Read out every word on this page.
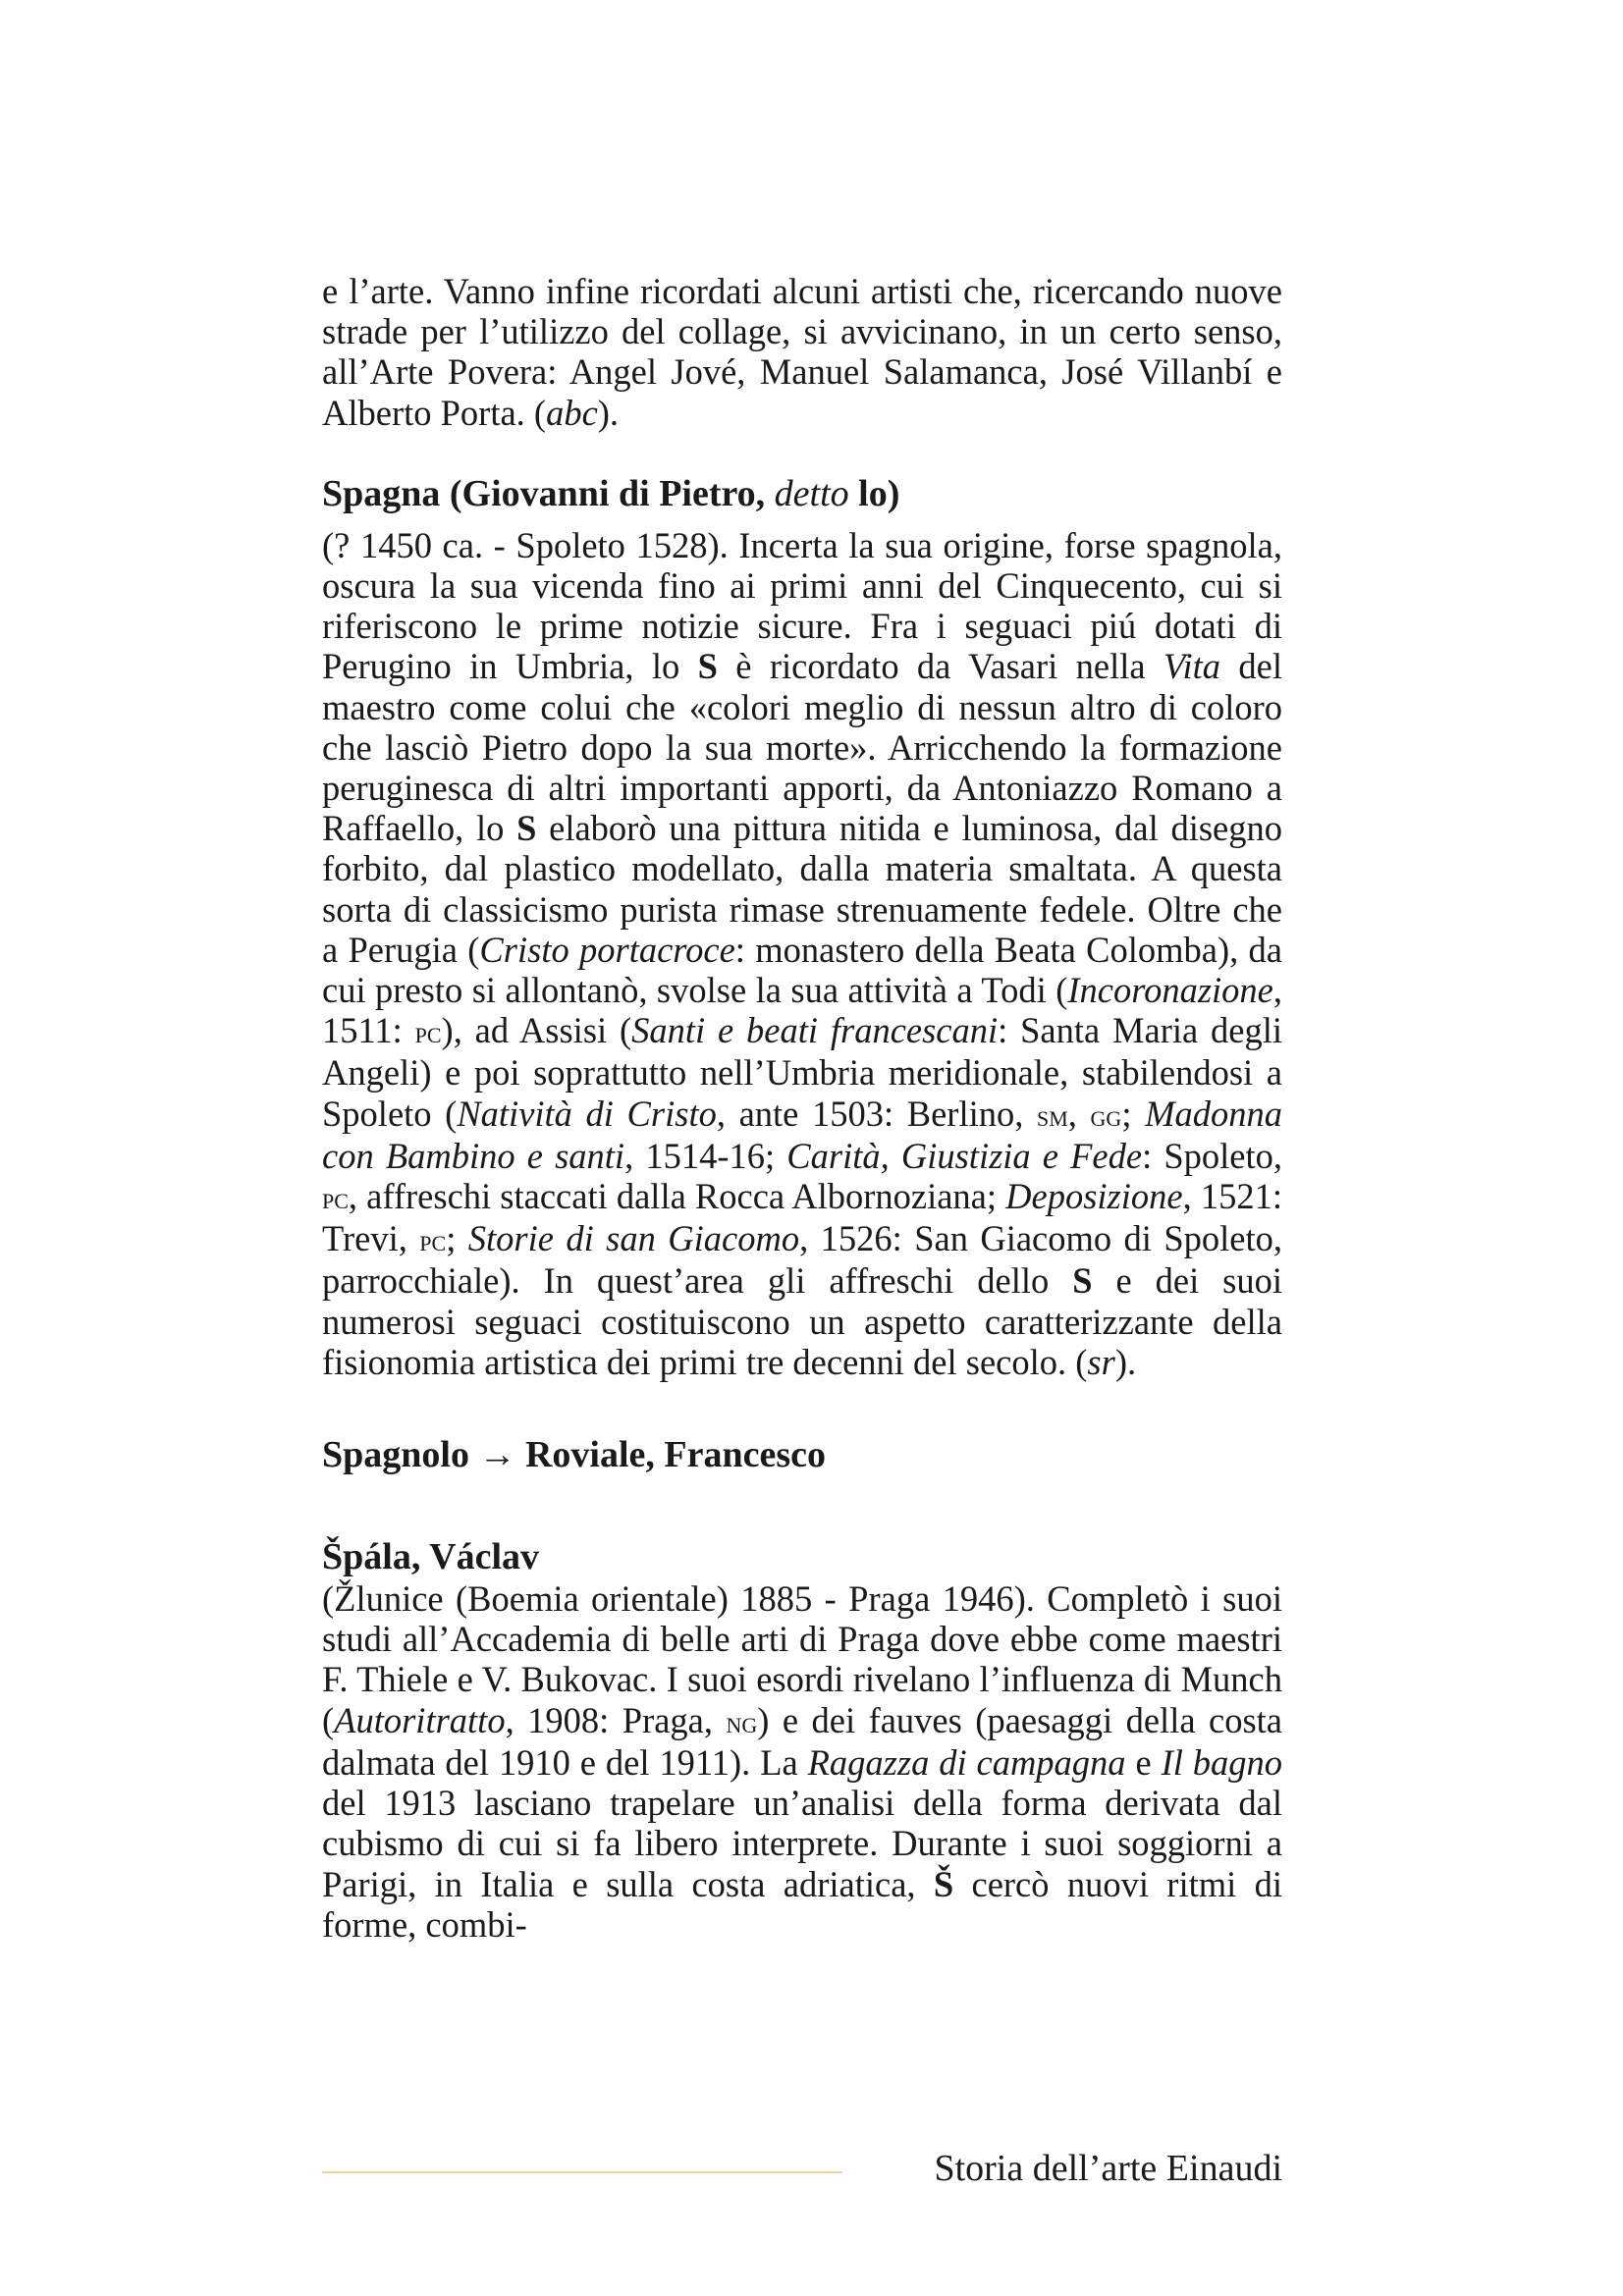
e l’arte. Vanno infine ricordati alcuni artisti che, ricercando nuove strade per l’utilizzo del collage, si avvicinano, in un certo senso, all’Arte Povera: Angel Jové, Manuel Salamanca, José Villanbí e Alberto Porta. (abc).

Spagna (Giovanni di Pietro, detto lo)

(? 1450 ca. - Spoleto 1528). Incerta la sua origine, forse spagnola, oscura la sua vicenda fino ai primi anni del Cinquecento, cui si riferiscono le prime notizie sicure. Fra i seguaci piú dotati di Perugino in Umbria, lo S è ricordato da Vasari nella Vita del maestro come colui che «colori meglio di nessun altro di coloro che lasciò Pietro dopo la sua morte». Arricchendo la formazione peruginesca di altri importanti apporti, da Antoniazzo Romano a Raffaello, lo S elaborò una pittura nitida e luminosa, dal disegno forbito, dal plastico modellato, dalla materia smaltata. A questa sorta di classicismo purista rimase strenuamente fedele. Oltre che a Perugia (Cristo portacroce: monastero della Beata Colomba), da cui presto si allontanò, svolse la sua attività a Todi (Incoronazione, 1511: pc), ad Assisi (Santi e beati francescani: Santa Maria degli Angeli) e poi soprattutto nell’Umbria meridionale, stabilendosi a Spoleto (Natività di Cristo, ante 1503: Berlino, sm, gg; Madonna con Bambino e santi, 1514-16; Carità, Giustizia e Fede: Spoleto, pc, affreschi staccati dalla Rocca Albornoziana; Deposizione, 1521: Trevi, pc; Storie di san Giacomo, 1526: San Giacomo di Spoleto, parrocchiale). In quest’area gli affreschi dello S e dei suoi numerosi seguaci costituiscono un aspetto caratterizzante della fisionomia artistica dei primi tre decenni del secolo. (sr).

Spagnolo → Roviale, Francesco
Špála, Václav

(Žlunice (Boemia orientale) 1885 - Praga 1946). Completò i suoi studi all’Accademia di belle arti di Praga dove ebbe come maestri F. Thiele e V. Bukovac. I suoi esordi rivelano l’influenza di Munch (Autoritratto, 1908: Praga, ng) e dei fauves (paesaggi della costa dalmata del 1910 e del 1911). La Ragazza di campagna e Il bagno del 1913 lasciano trapelare un’analisi della forma derivata dal cubismo di cui si fa libero interprete. Durante i suoi soggiorni a Parigi, in Italia e sulla costa adriatica, Š cercò nuovi ritmi di forme, combi-

Storia dell’arte Einaudi
